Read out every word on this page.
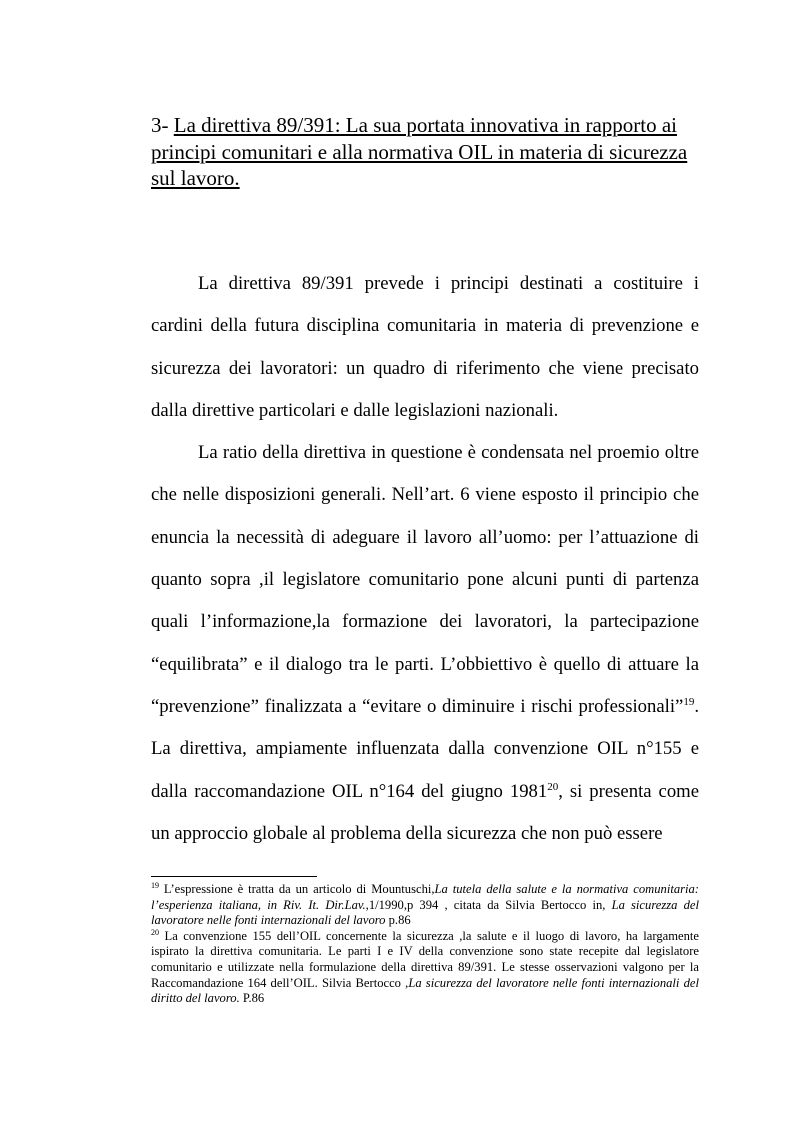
3- La direttiva 89/391: La sua portata innovativa in rapporto ai principi comunitari e alla normativa OIL in materia di sicurezza sul lavoro.

La direttiva 89/391 prevede i principi destinati a costituire i cardini della futura disciplina comunitaria in materia di prevenzione e sicurezza dei lavoratori: un quadro di riferimento che viene precisato dalla direttive particolari e dalle legislazioni nazionali.

La ratio della direttiva in questione è condensata nel proemio oltre che nelle disposizioni generali. Nell’art. 6 viene esposto il principio che enuncia la necessità di adeguare il lavoro all’uomo: per l’attuazione di quanto sopra ,il legislatore comunitario pone alcuni punti di partenza quali l’informazione,la formazione dei lavoratori, la partecipazione “equilibrata” e il dialogo tra le parti. L’obbiettivo è quello di attuare la “prevenzione” finalizzata a “evitare o diminuire i rischi professionali”$^{19}$. La direttiva, ampiamente influenzata dalla convenzione OIL n°155 e dalla raccomandazione OIL n°164 del giugno 1981$^{20}$, si presenta come un approccio globale al problema della sicurezza che non può essere

$^{19}$ L’espressione è tratta da un articolo di Mountuschi,La tutela della salute e la normativa comunitaria: l’esperienza italiana, in Riv. It. Dir.Lav.,1/1990,p 394 , citata da Silvia Bertocco in, La sicurezza del lavoratore nelle fonti internazionali del lavoro p.86

$^{20}$ La convenzione 155 dell’OIL concernente la sicurezza ,la salute e il luogo di lavoro, ha largamente ispirato la direttiva comunitaria. Le parti I e IV della convenzione sono state recepite dal legislatore comunitario e utilizzate nella formulazione della direttiva 89/391. Le stesse osservazioni valgono per la Raccomandazione 164 dell’OIL. Silvia Bertocco ,La sicurezza del lavoratore nelle fonti internazionali del diritto del lavoro. P.86
